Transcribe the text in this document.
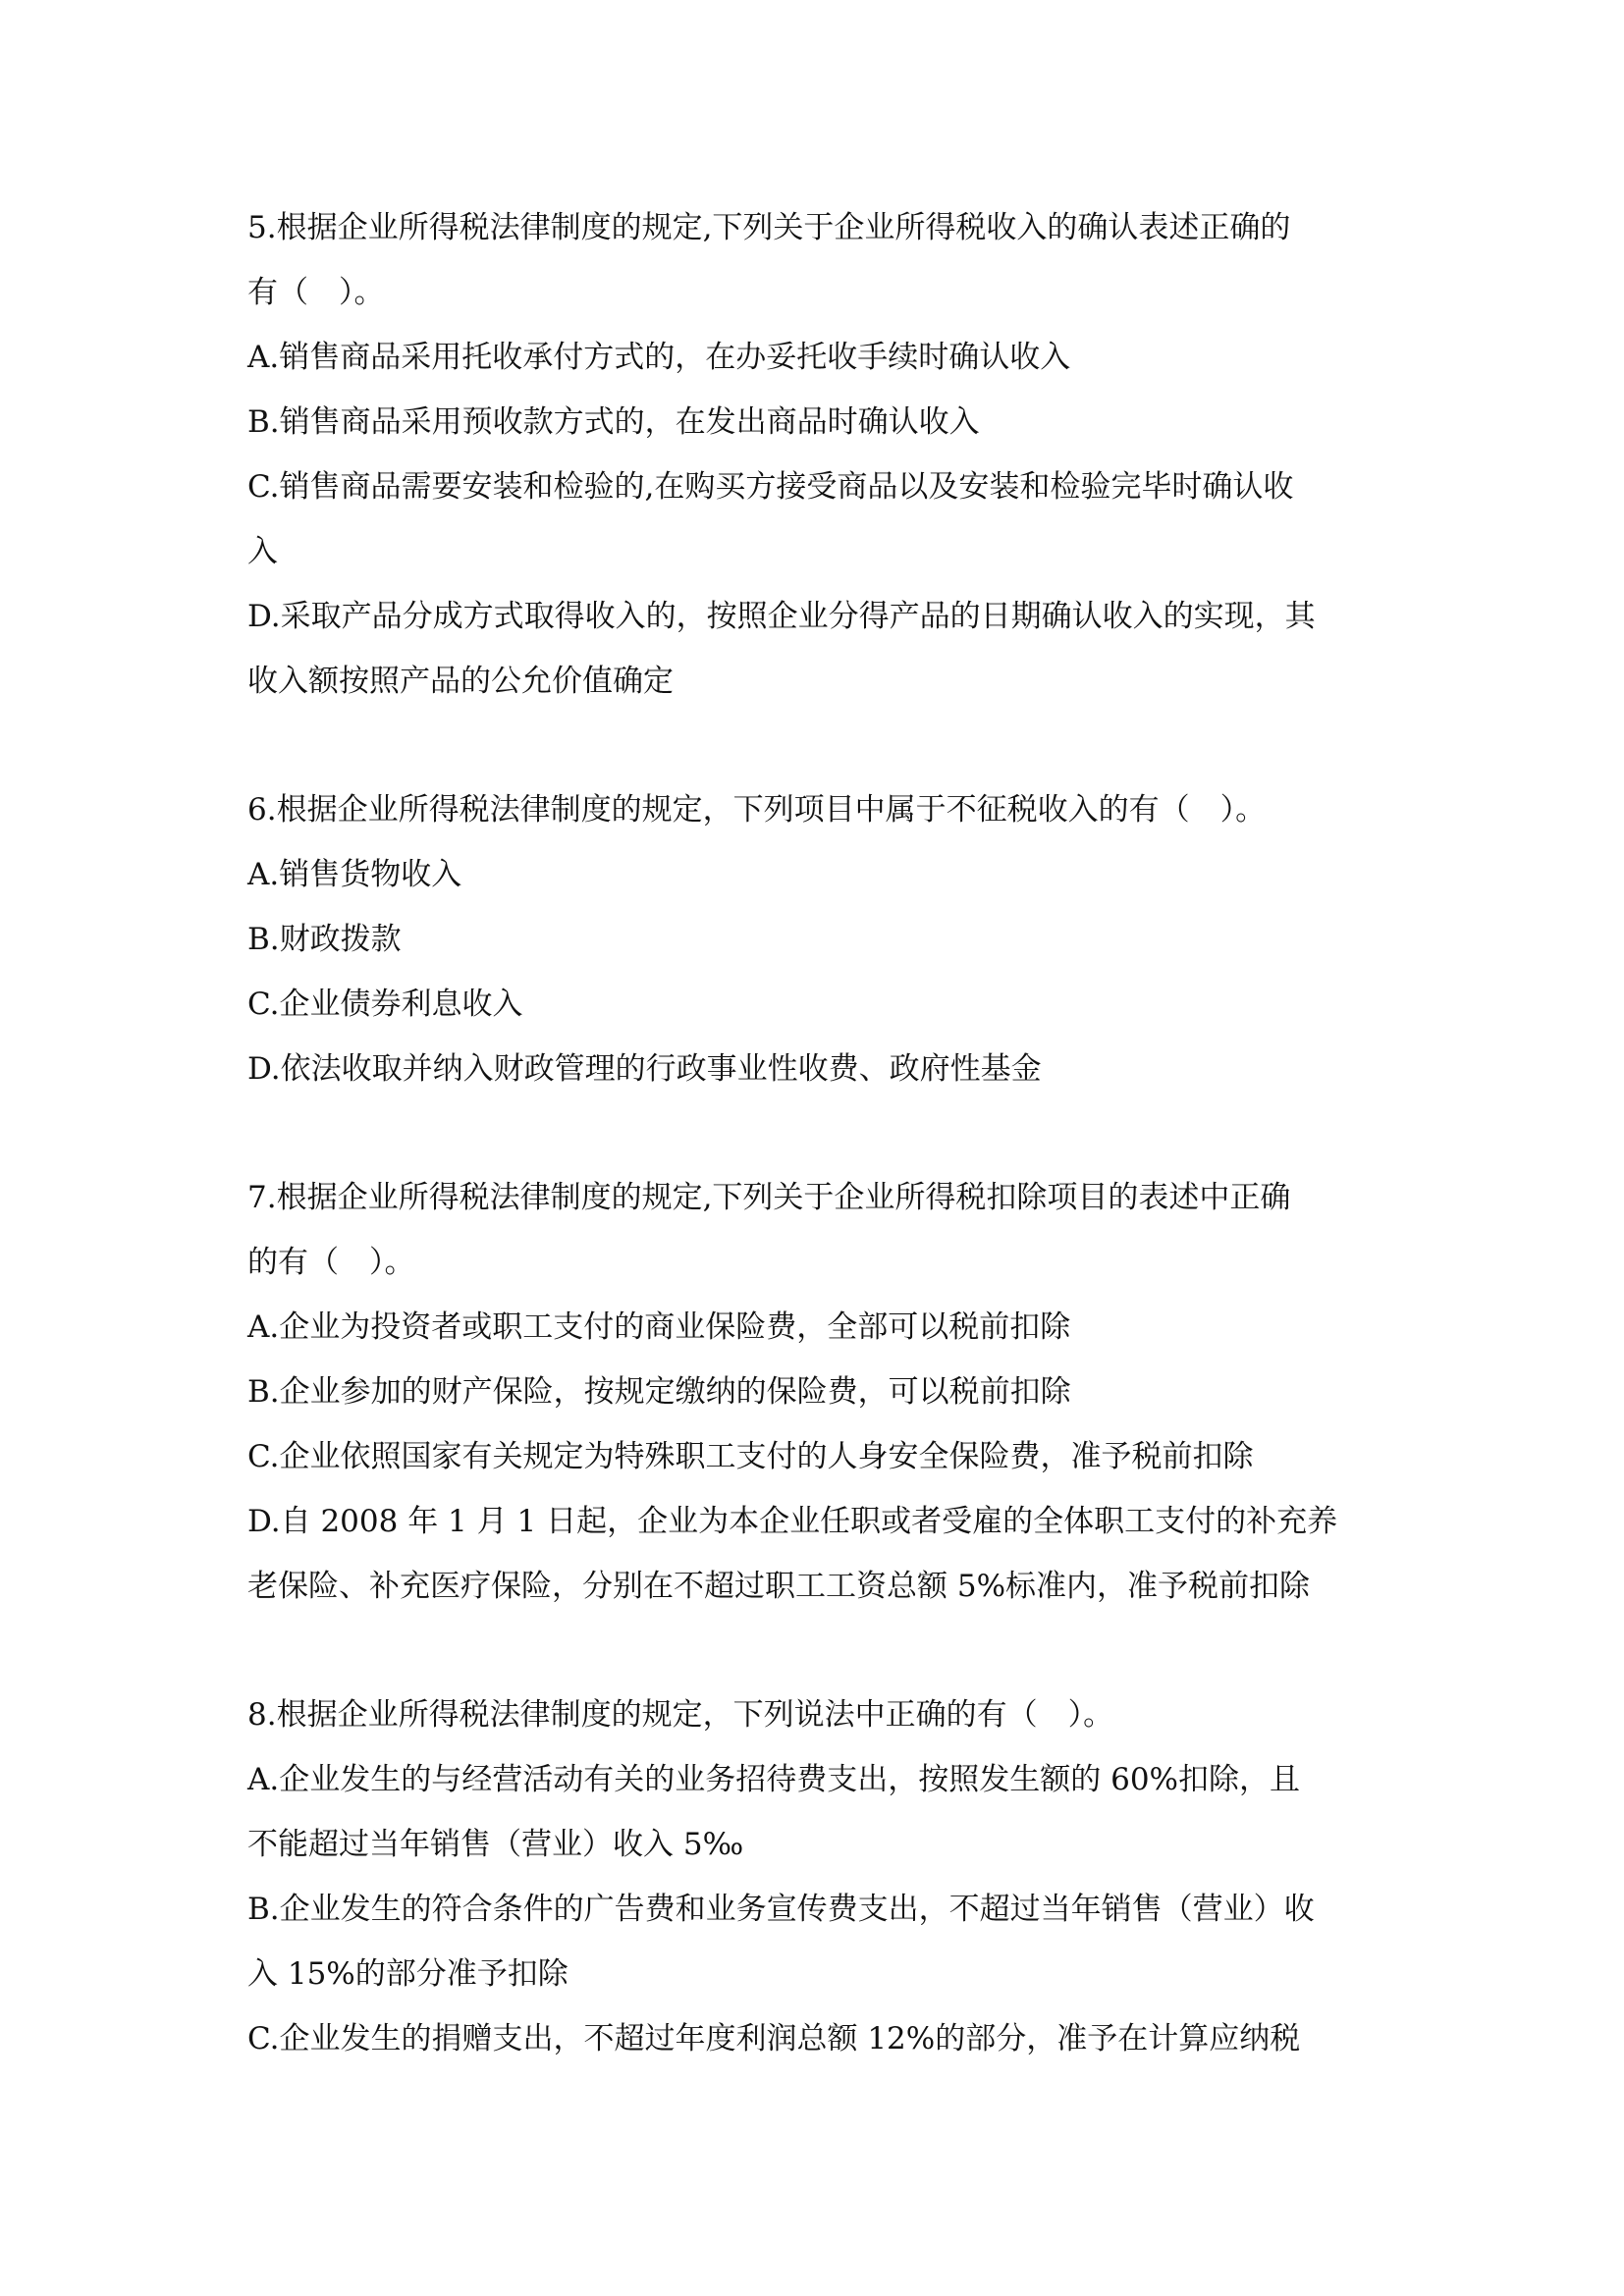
5.根据企业所得税法律制度的规定,下列关于企业所得税收入的确认表述正确的

有（　）。

A.销售商品采用托收承付方式的，在办妥托收手续时确认收入

B.销售商品采用预收款方式的，在发出商品时确认收入

C.销售商品需要安装和检验的,在购买方接受商品以及安装和检验完毕时确认收

入

D.采取产品分成方式取得收入的，按照企业分得产品的日期确认收入的实现，其

收入额按照产品的公允价值确定

6.根据企业所得税法律制度的规定，下列项目中属于不征税收入的有（　）。

A.销售货物收入

B.财政拨款

C.企业债券利息收入

D.依法收取并纳入财政管理的行政事业性收费、政府性基金

7.根据企业所得税法律制度的规定,下列关于企业所得税扣除项目的表述中正确

的有（　）。

A.企业为投资者或职工支付的商业保险费，全部可以税前扣除

B.企业参加的财产保险，按规定缴纳的保险费，可以税前扣除

C.企业依照国家有关规定为特殊职工支付的人身安全保险费，准予税前扣除

D.自 2008 年 1 月 1 日起，企业为本企业任职或者受雇的全体职工支付的补充养

老保险、补充医疗保险，分别在不超过职工工资总额 5%标准内，准予税前扣除

8.根据企业所得税法律制度的规定，下列说法中正确的有（　）。

A.企业发生的与经营活动有关的业务招待费支出，按照发生额的 60%扣除，且

不能超过当年销售（营业）收入 5‰

B.企业发生的符合条件的广告费和业务宣传费支出，不超过当年销售（营业）收

入 15%的部分准予扣除

C.企业发生的捐赠支出，不超过年度利润总额 12%的部分，准予在计算应纳税
